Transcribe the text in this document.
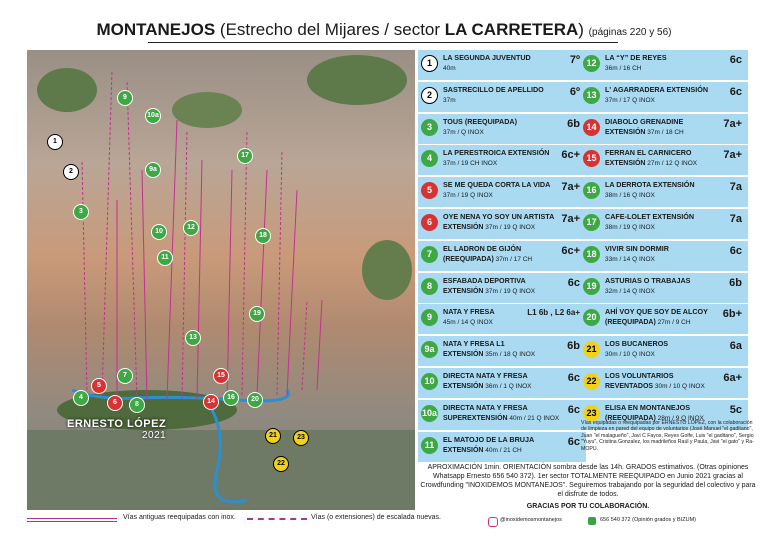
MONTANEJOS (Estrecho del Mijares / sector LA CARRETERA) (páginas 220 y 56)
1
2
3
4
5
6
7
8
9
9a
10
10a
11
12
13
14
15
16
17
18
19
20
21
22
23
ERNESTO LÓPEZ
2021
Vías antiguas reequipadas con inox.	Vías (o extensiones) de escalada nuevas.
1
LA SEGUNDA JUVENTUD
40m
7º
2
SASTRECILLO DE APELLIDO
37m
6º
3
TOUS (REEQUIPADA)
37m / Q INOX
6b
4
LA PERESTROICA EXTENSIÓN
37m / 19 CH INOX
6c+
5
SE ME QUEDA CORTA LA VIDA
37m / 19 Q INOX
7a+
6
OYE NENA YO SOY UN ARTISTA
EXTENSIÓN 37m / 19 Q INOX
7a+
7
EL LADRON DE GIJÓN
(REEQUIPADA) 37m / 17 CH
6c+
8
ESFABADA DEPORTIVA
EXTENSIÓN 37m / 19 Q INOX
6c
9
NATA Y FRESA
45m / 14 Q INOX
L1 6b , L2 6a+
9a
NATA Y FRESA L1
EXTENSIÓN 35m / 18 Q INOX
6b
10
DIRECTA NATA Y FRESA
EXTENSIÓN 36m / 1 Q INOX
6c
10a
DIRECTA NATA Y FRESA
SUPEREXTENSIÓN 40m / 21 Q INOX
6c
11
EL MATOJO DE LA BRUJA
EXTENSIÓN 40m / 21 CH
6c
12
LA “Y” DE REYES
36m / 16 CH
6c
13
L' AGARRADERA EXTENSIÓN
37m / 17 Q INOX
6c
14
DIABOLO GRENADINE
EXTENSIÓN 37m / 18 CH
7a+
15
FERRAN EL CARNICERO
EXTENSIÓN 27m / 12 Q INOX
7a+
16
LA DERROTA EXTENSIÓN
38m / 16 Q INOX
7a
17
CAFE-LOLET EXTENSIÓN
38m / 19 Q INOX
7a
18
VIVIR SIN DORMIR
33m / 14 Q INOX
6c
19
ASTURIAS O TRABAJAS
32m / 14 Q INOX
6b
20
AHÍ VOY QUE SOY DE ALCOY
(REEQUIPADA) 27m / 9 CH
6b+
21
LOS BUCANEROS
30m / 10 Q INOX
6a
22
LOS VOLUNTARIOS
REVENTADOS 30m / 10 Q INOX
6a+
23
ELISA EN MONTANEJOS
(REEQUIPADA) 28m / 9 Q INOX
5c
Vías equipadas o reequipadas por ERNESTO LÓPEZ, con la colaboración de limpieza en pared del equipo de voluntarios (José Manuel "el gaditano", Juan "el malagueño", Javi C Fayos, Reyes Golfe, Luis "el gaditano", Sergio "Yuyu", Cristina Gonzalez, los madrileños Raúl y Paula, Javi "el gato" y Ra-MOPU.
APROXIMACIÓN 1min. ORIENTACIÓN sombra desde las 14h. GRADOS estimativos. (Otras opiniones Whatsapp Ernesto 656 540 372). 1er sector TOTALMENTE REEQUIPADO en Junio 2021 gracias al Crowdfunding "INOXIDEMOS MONTANEJOS". Seguiremos trabajando por la seguridad del colectivo y para el disfrute de todos.
GRACIAS POR TU COLABORACIÓN.
@inoxidemosmontanejos	656 540 372 (Opinión grados y BIZUM)
